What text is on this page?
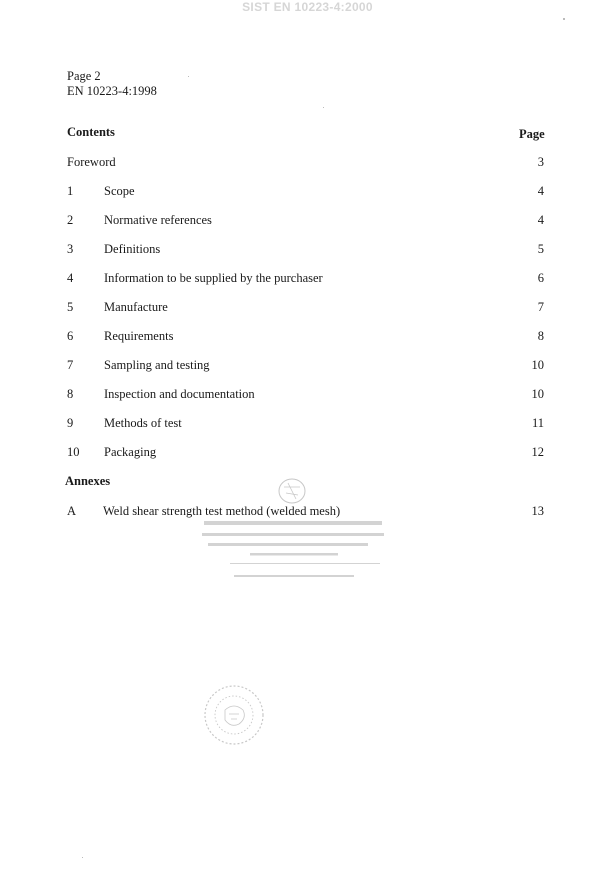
SIST EN 10223-4:2000
Page 2
EN 10223-4:1998
Contents	Page
Foreword	3
1 Scope	4
2 Normative references	4
3 Definitions	5
4 Information to be supplied by the purchaser	6
5 Manufacture	7
6 Requirements	8
7 Sampling and testing	10
8 Inspection and documentation	10
9 Methods of test	11
10 Packaging	12
Annexes
A Weld shear strength test method (welded mesh)	13
